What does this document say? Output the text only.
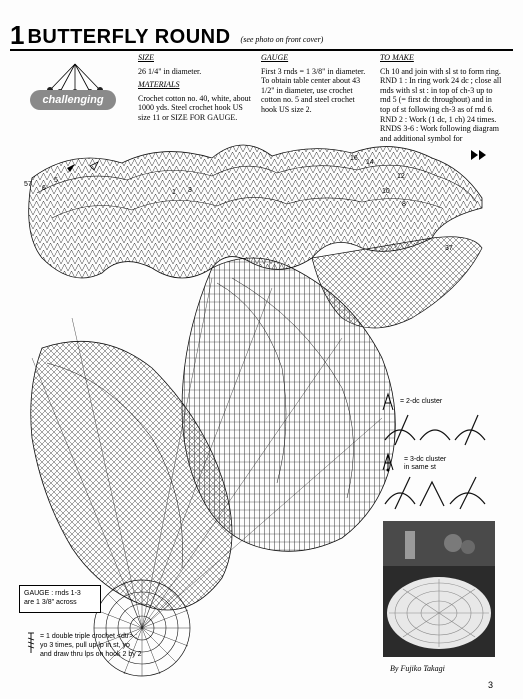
1 BUTTERFLY ROUND (see photo on front cover)
challenging

SIZE

26 1/4" in diameter.

MATERIALS

Crochet cotton no. 40, white, about 1000 yds. Steel crochet hook US size 11 or SIZE FOR GAUGE.

GAUGE

First 3 rnds = 1 3/8" in diameter. To obtain table center about 43 1/2" in diameter, use crochet cotton no. 5 and steel crochet hook US size 2.

TO MAKE

Ch 10 and join with sl st to form ring. RND 1 : In ring work 24 dc ; close all rnds with sl st : in top of ch-3 up to rnd 5 (= first dc throughout) and in top of st following ch-3 as of rnd 6. RND 2 : Work (1 dc, 1 ch) 24 times. RNDS 3-6 : Work following diagram and additional symbol for

57
6
5
16
14
12
10
8
37
1 3
= 2-dc cluster
= 3-dc cluster
in same st
By Fujiko Takagi
GAUGE : rnds 1-3
are 1 3/8" across
= 1 double triple crochet <dtr> :
yo 3 times, pull up lp in st, yo
and draw thru lps on hook 2 by 2
3
